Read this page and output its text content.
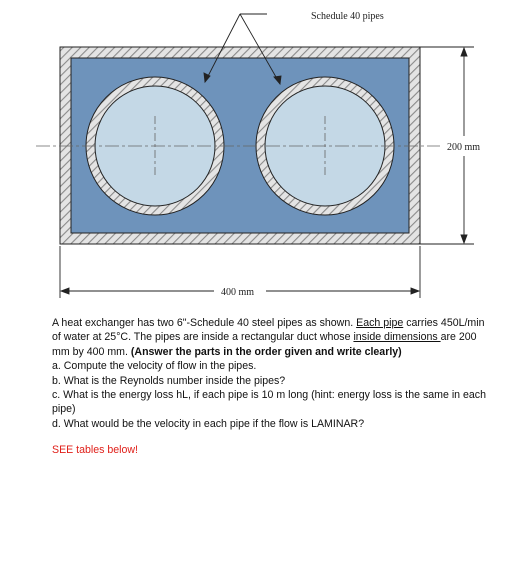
Schedule 40 pipes
200 mm
400 mm

A heat exchanger has two 6"-Schedule 40 steel pipes as shown. Each pipe carries 450L/min of water at 25°C. The pipes are inside a rectangular duct whose inside dimensions are 200 mm by 400 mm. (Answer the parts in the order given and write clearly)

a. Compute the velocity of flow in the pipes.

b. What is the Reynolds number inside the pipes?

c. What is the energy loss hL, if each pipe is 10 m long (hint: energy loss is the same in each pipe)

d. What would be the velocity in each pipe if the flow is LAMINAR?

SEE tables below!
